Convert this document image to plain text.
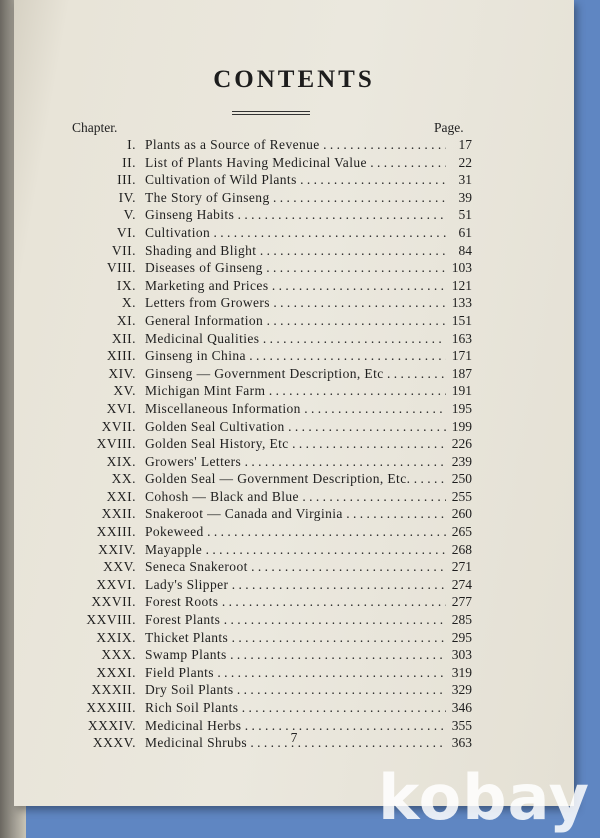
CONTENTS
Chapter.	Page.
I. Plants as a Source of Revenue . . .	17
II. List of Plants Having Medicinal Value . . .	22
III. Cultivation of Wild Plants . . .	31
IV. The Story of Ginseng . . .	39
V. Ginseng Habits . . .	51
VI. Cultivation . . .	61
VII. Shading and Blight . . .	84
VIII. Diseases of Ginseng . . .	103
IX. Marketing and Prices . . .	121
X. Letters from Growers . . .	133
XI. General Information . . .	151
XII. Medicinal Qualities . . .	163
XIII. Ginseng in China . . .	171
XIV. Ginseng — Government Description, Etc . . .	187
XV. Michigan Mint Farm . . .	191
XVI. Miscellaneous Information . . .	195
XVII. Golden Seal Cultivation . . .	199
XVIII. Golden Seal History, Etc . . .	226
XIX. Growers' Letters . . .	239
XX. Golden Seal — Government Description, Etc. . . .	250
XXI. Cohosh — Black and Blue . . .	255
XXII. Snakeroot — Canada and Virginia . . .	260
XXIII. Pokeweed . . .	265
XXIV. Mayapple . . .	268
XXV. Seneca Snakeroot . . .	271
XXVI. Lady's Slipper . . .	274
XXVII. Forest Roots . . .	277
XXVIII. Forest Plants . . .	285
XXIX. Thicket Plants . . .	295
XXX. Swamp Plants . . .	303
XXXI. Field Plants . . .	319
XXXII. Dry Soil Plants . . .	329
XXXIII. Rich Soil Plants . . .	346
XXXIV. Medicinal Herbs . . .	355
XXXV. Medicinal Shrubs . . .	363
7
kobay
